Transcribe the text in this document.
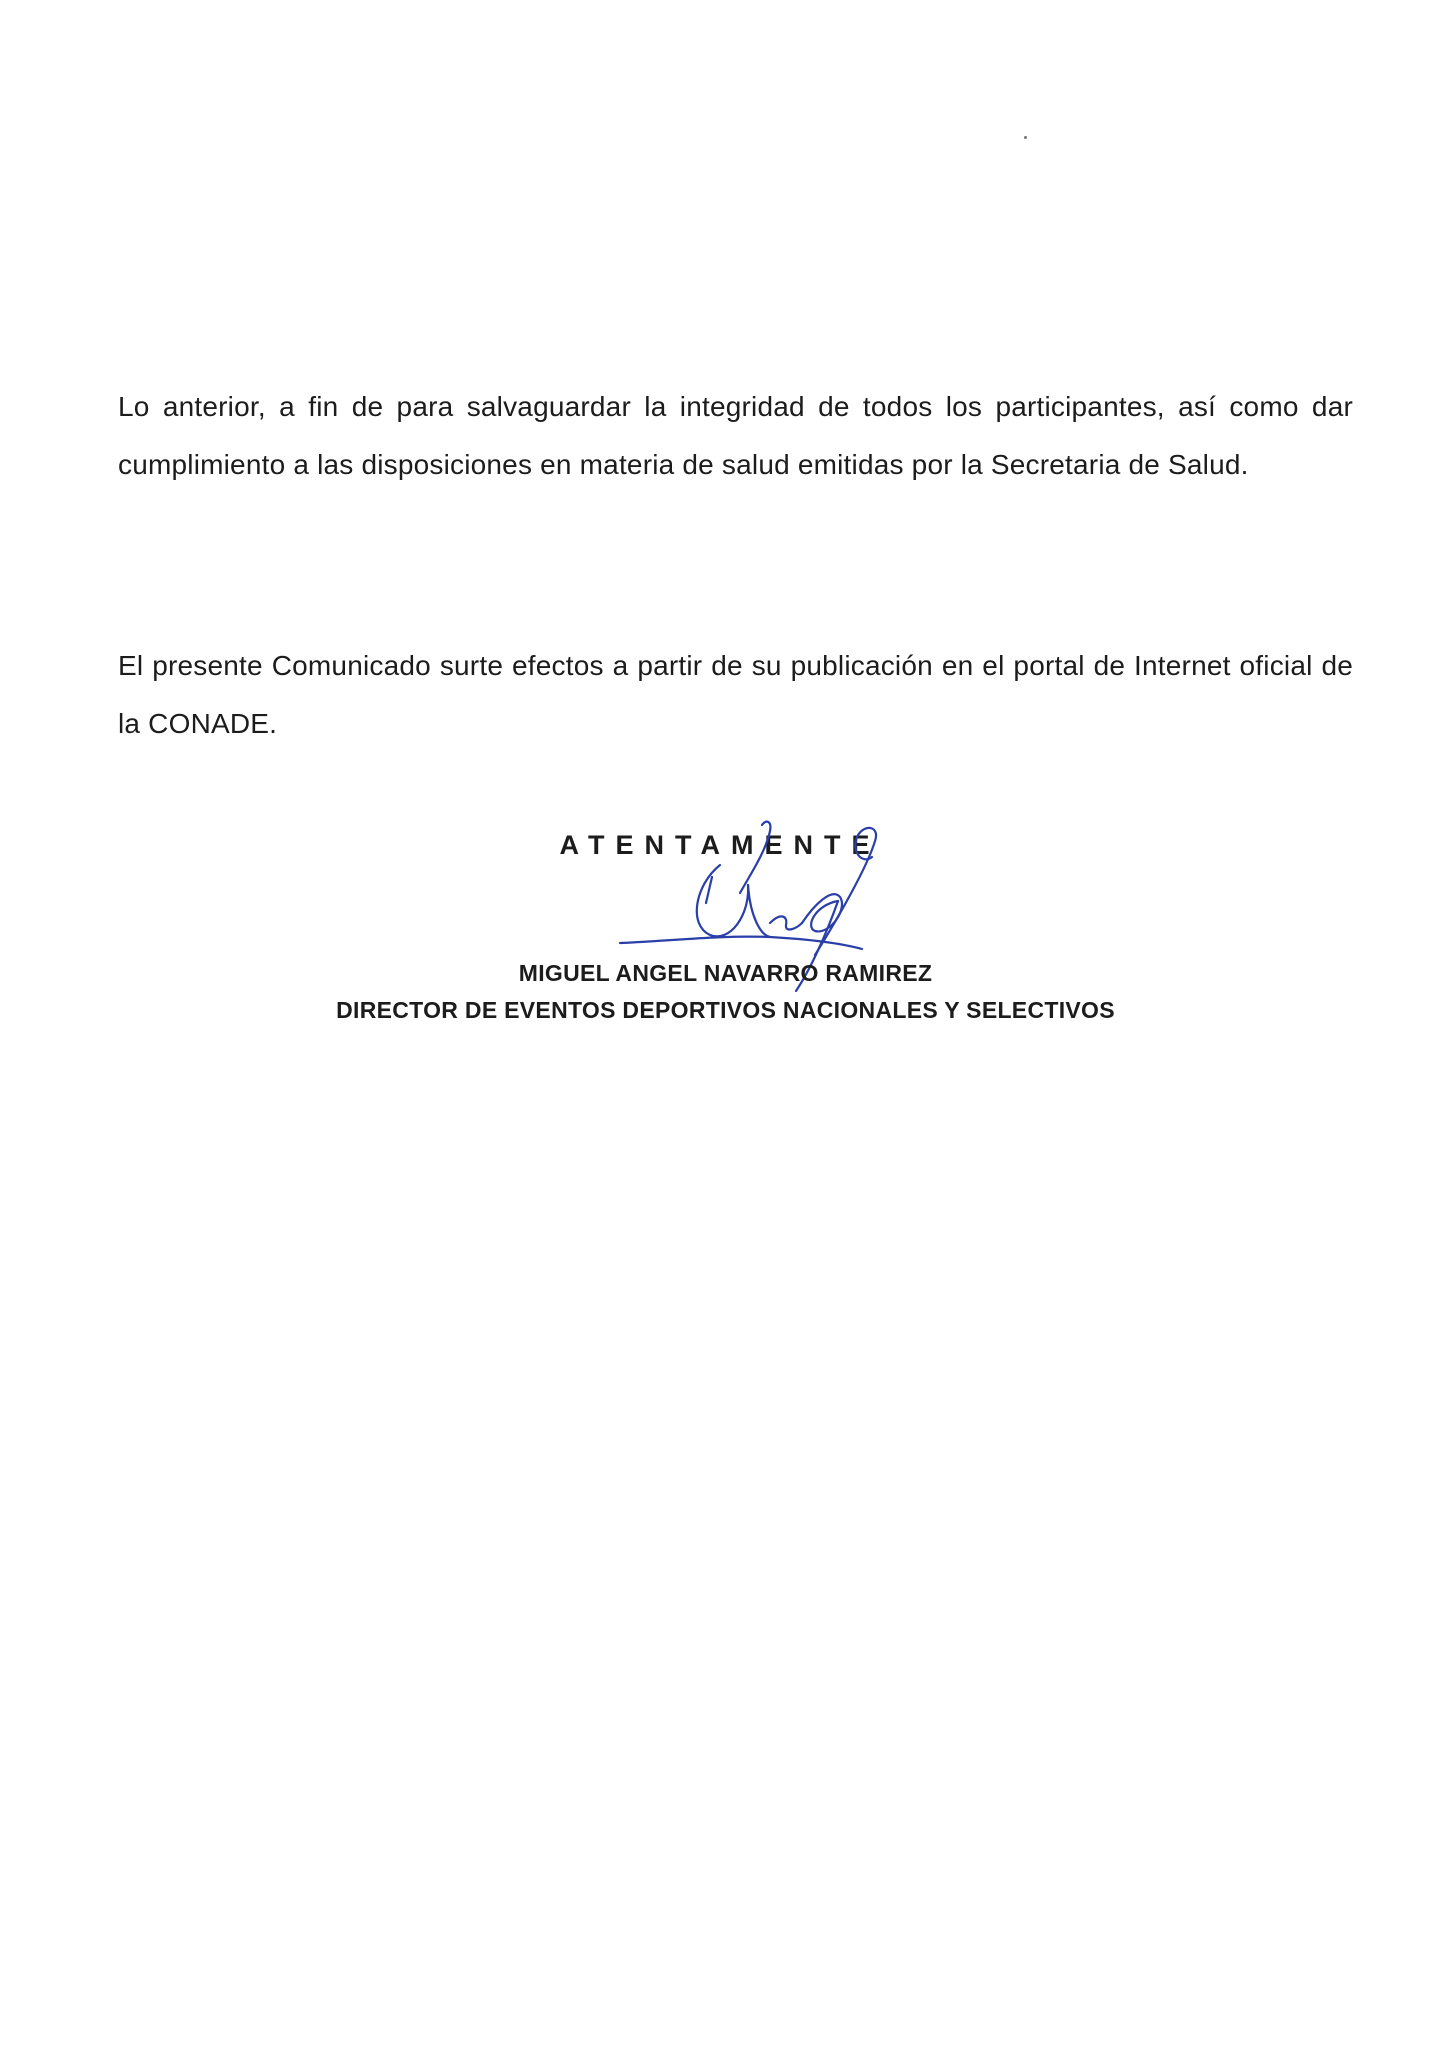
Lo anterior, a fin de para salvaguardar la integridad de todos los participantes, así como dar cumplimiento a las disposiciones en materia de salud emitidas por la Secretaria de Salud.

El presente Comunicado surte efectos a partir de su publicación en el portal de Internet oficial de la CONADE.

ATENTAMENTE
MIGUEL ANGEL NAVARRO RAMIREZ
DIRECTOR DE EVENTOS DEPORTIVOS NACIONALES Y SELECTIVOS
